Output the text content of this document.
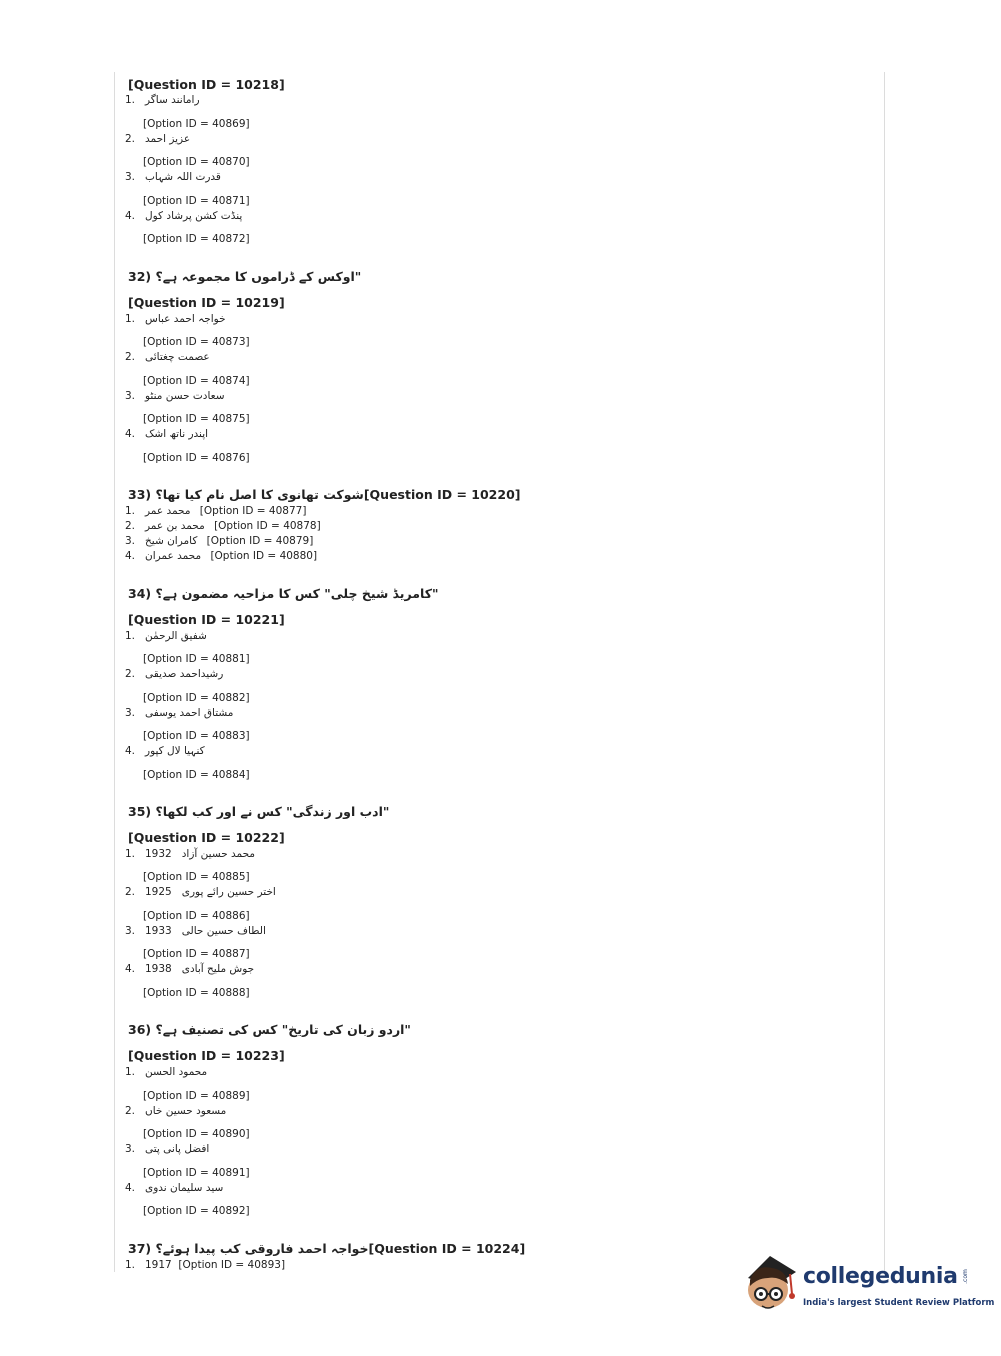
[Question ID = 10218]
1. رامانند ساگر
[Option ID = 40869]
2. عزیز احمد
[Option ID = 40870]
3. قدرت اللہ شہاب
[Option ID = 40871]
4. پنڈت کشن پرشاد کول
[Option ID = 40872]
32) "اوکس کے ڈراموں کا مجموعہ ہے؟
[Question ID = 10219]
1. خواجہ احمد عباس
[Option ID = 40873]
2. عصمت چغتائی
[Option ID = 40874]
3. سعادت حسن منٹو
[Option ID = 40875]
4. اپندر ناتھ اشک
[Option ID = 40876]
33) شوکت تھانوی کا اصل نام کیا تھا؟[Question ID = 10220]
1. محمد عمر [Option ID = 40877]
2. محمد بن عمر [Option ID = 40878]
3. کامران شیخ [Option ID = 40879]
4. محمد عمران [Option ID = 40880]
34) "کامریڈ شیخ چلی" کس کا مزاحیہ مضمون ہے؟
[Question ID = 10221]
1. شفیق الرحمٰن
[Option ID = 40881]
2. رشیداحمد صدیقی
[Option ID = 40882]
3. مشتاق احمد یوسفی
[Option ID = 40883]
4. کنہیا لال کپور
[Option ID = 40884]
35) "ادب اور زندگی" کس نے اور کب لکھا؟
[Question ID = 10222]
1. 1932 محمد حسین آزاد
[Option ID = 40885]
2. 1925 اختر حسین رائے پوری
[Option ID = 40886]
3. 1933 الطاف حسین حالی
[Option ID = 40887]
4. 1938 جوش ملیح آبادی
[Option ID = 40888]
36) "اردو زبان کی تاریخ" کس کی تصنیف ہے؟
[Question ID = 10223]
1. محمود الحسن
[Option ID = 40889]
2. مسعود حسین خاں
[Option ID = 40890]
3. افضل پانی پتی
[Option ID = 40891]
4. سید سلیمان ندوی
[Option ID = 40892]
37) خواجہ احمد فاروقی کب پیدا ہوئے؟[Question ID = 10224]
1. 1917 [Option ID = 40893]	collegedunia .com
India's largest Student Review Platform
